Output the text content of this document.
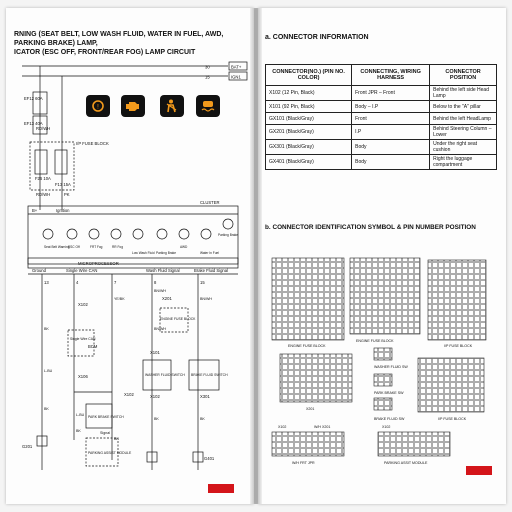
RNING (SEAT BELT, LOW WASH FLUID, WATER IN FUEL, AWD, PARKING BRAKE) LAMP,
ICATOR (ESC OFF, FRONT/REAR FOG) LAMP CIRCUIT
!
BAT+
IGN1
30
15
EF12 60A
EF13 40A
I/P FUSE BLOCK
F26 10A
F13 15A
RD/WH
RD/WH	PK
B+	Ignition
CLUSTER
MICROPROCESSOR
Seat Belt Warning
ESC Off	FRT Fog	RR Fog
Low Wash Fluid Parking Brake
AWD
Water In Fuel
Parking Brake
Ground	Single Wire CAN	Wash Fluid Signal	Brake Fluid Signal
13	4	7	8	15
X102
X201
X101
X102
X106
X301
G201
G401
X102
BCM
Single Wire CAN
ENGINE FUSE BLOCK
WASHER FLUID SWITCH BRAKE FLUID SWITCH
PARK BRAKE SWITCH
PARKING ASSIST MODULE
BK
L-BU
L-BU
BN/WH
BN/WH
BN/WH
BK	BK
BK
YE/BK
BK
BK	Signal
a. CONNECTOR INFORMATION
CONNECTOR(NO.) (PIN NO. COLOR)	CONNECTING, WIRING HARNESS	CONNECTOR POSITION
X102 (12 Pin, Black)	Front JPR – Front	Behind the left side Head Lamp
X101 (92 Pin, Black)	Body – I.P	Below to the "A" pillar
GX101 (Black/Gray)	Front	Behind the left HeadLamp
GX201 (Black/Gray)	I.P	Behind Steering Column – Lower
GX301 (Black/Gray)	Body	Under the right seat cushion
GX401 (Black/Gray)	Body	Right the luggage compartment
b. CONNECTOR IDENTIFICATION SYMBOL & PIN NUMBER POSITION
ENGINE FUSE BLOCK
ENGINE FUSE BLOCK
I/P FUSE BLOCK
WASHER FLUID SW
PARK BRAKE SW
X201
BRAKE FLUID SW	I/P FUSE BLOCK
X102	W/H X201	X102
W/H FRT JPR	PARKING ASSIT MODULE
